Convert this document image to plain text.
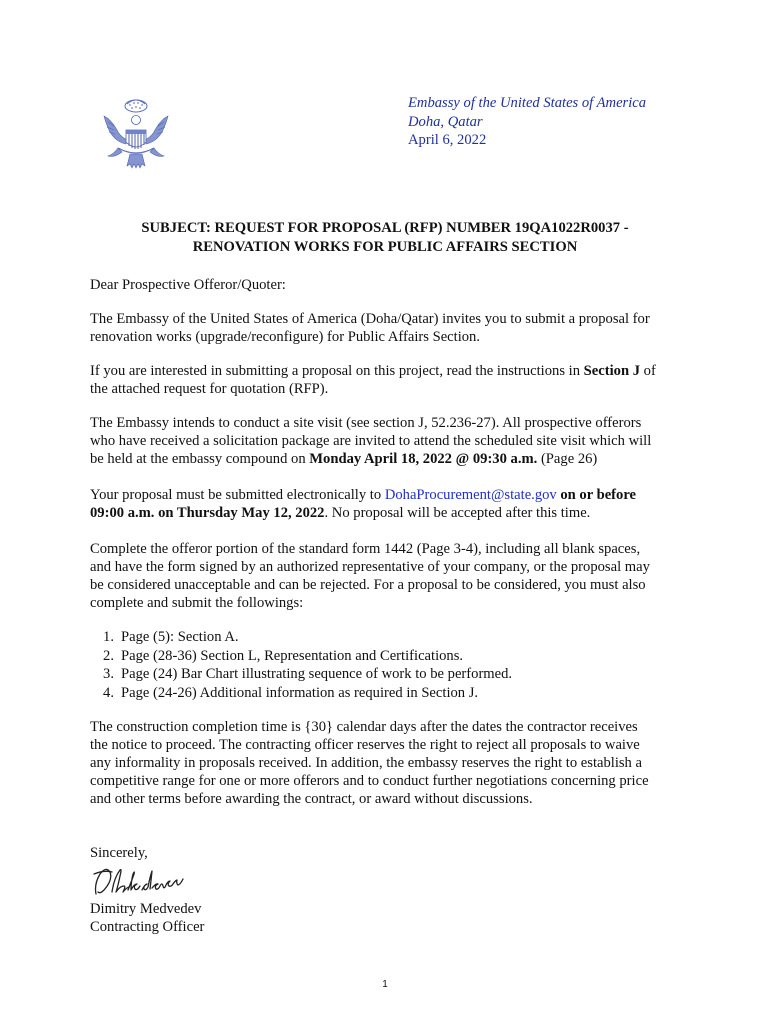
Embassy of the United States of America
Doha, Qatar
April 6, 2022
SUBJECT: REQUEST FOR PROPOSAL (RFP) NUMBER 19QA1022R0037 -
RENOVATION WORKS FOR PUBLIC AFFAIRS SECTION

Dear Prospective Offeror/Quoter:

The Embassy of the United States of America (Doha/Qatar) invites you to submit a proposal for
renovation works (upgrade/reconfigure) for Public Affairs Section.
If you are interested in submitting a proposal on this project, read the instructions in Section J of
the attached request for quotation (RFP).
The Embassy intends to conduct a site visit (see section J, 52.236-27). All prospective offerors
who have received a solicitation package are invited to attend the scheduled site visit which will
be held at the embassy compound on Monday April 18, 2022 @ 09:30 a.m. (Page 26)
Your proposal must be submitted electronically to DohaProcurement@state.gov on or before
09:00 a.m. on Thursday May 12, 2022. No proposal will be accepted after this time.
Complete the offeror portion of the standard form 1442 (Page 3-4), including all blank spaces,
and have the form signed by an authorized representative of your company, or the proposal may
be considered unacceptable and can be rejected. For a proposal to be considered, you must also
complete and submit the followings:
1. Page (5): Section A.
2. Page (28-36) Section L, Representation and Certifications.
3. Page (24) Bar Chart illustrating sequence of work to be performed.
4. Page (24-26) Additional information as required in Section J.
The construction completion time is {30} calendar days after the dates the contractor receives
the notice to proceed. The contracting officer reserves the right to reject all proposals to waive
any informality in proposals received. In addition, the embassy reserves the right to establish a
competitive range for one or more offerors and to conduct further negotiations concerning price
and other terms before awarding the contract, or award without discussions.

Sincerely,

Dimitry Medvedev
Contracting Officer
1
